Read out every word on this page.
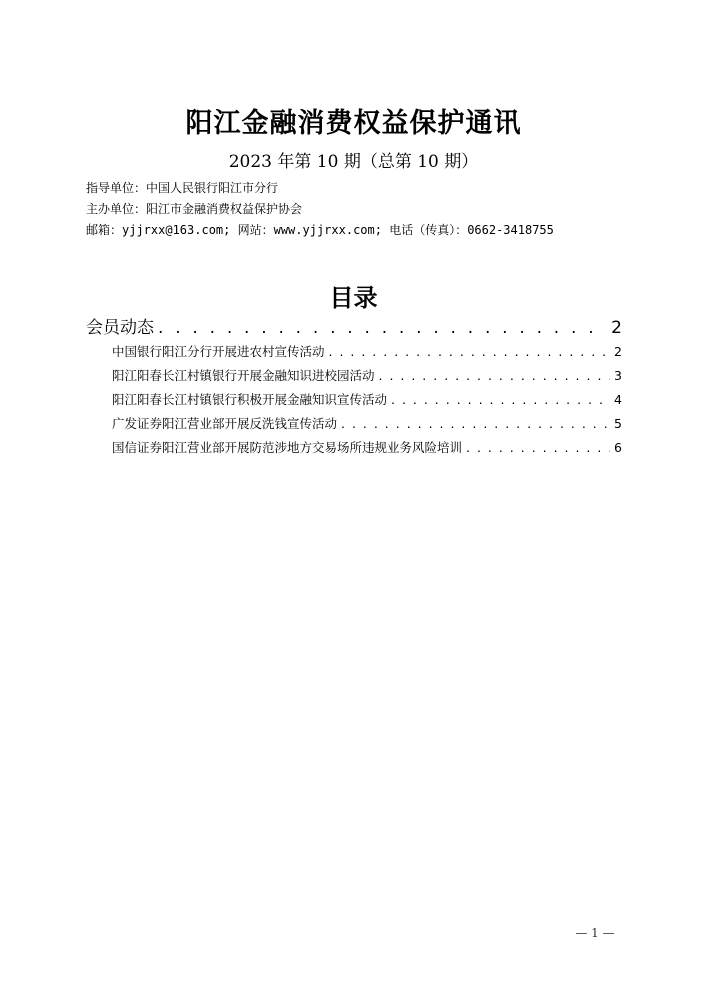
阳江金融消费权益保护通讯
2023 年第 10 期（总第 10 期）
指导单位：中国人民银行阳江市分行
主办单位：阳江市金融消费权益保护协会
邮箱：yjjrxx@163.com; 网站：www.yjjrxx.com; 电话（传真）：0662-3418755
目录
会员动态 . . .	2
中国银行阳江分行开展进农村宣传活动 . . .	2
阳江阳春长江村镇银行开展金融知识进校园活动 . . .	3
阳江阳春长江村镇银行积极开展金融知识宣传活动 . . .	4
广发证券阳江营业部开展反洗钱宣传活动 . . .	5
国信证券阳江营业部开展防范涉地方交易场所违规业务风险培训 . . .	6
— 1 —
